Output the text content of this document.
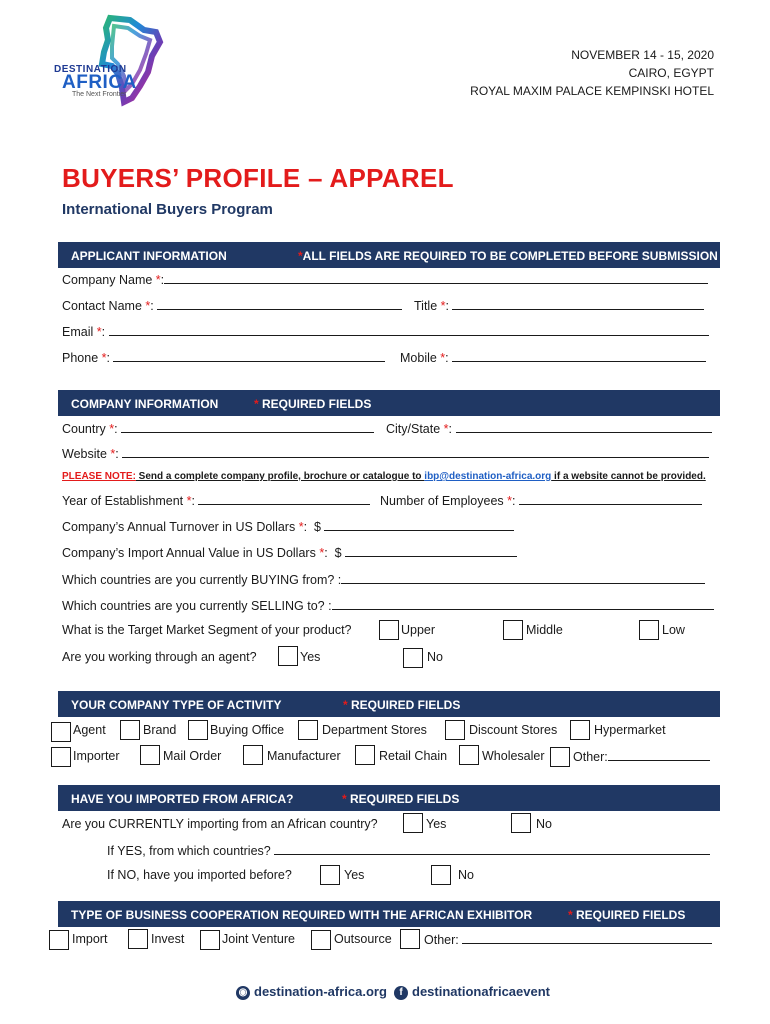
DESTINATION
AFRICA
The Next Frontier
NOVEMBER 14 - 15, 2020
CAIRO, EGYPT
ROYAL MAXIM PALACE KEMPINSKI HOTEL
BUYERS’ PROFILE – APPAREL
International Buyers Program
APPLICANT INFORMATION	*ALL FIELDS ARE REQUIRED TO BE COMPLETED BEFORE SUBMISSION
Company Name *:
Contact Name *:	Title *:
Email *:
Phone *:	Mobile *:
COMPANY INFORMATION	* REQUIRED FIELDS
Country *:	City/State *:
Website *:
PLEASE NOTE: Send a complete company profile, brochure or catalogue to ibp@destination-africa.org if a website cannot be provided.
Year of Establishment *:	Number of Employees *:
Company’s Annual Turnover in US Dollars *:  $
Company’s Import Annual Value in US Dollars *:  $
Which countries are you currently BUYING from? :
Which countries are you currently SELLING to? :
What is the Target Market Segment of your product?	Upper	Middle	Low
Are you working through an agent?	Yes	No
YOUR COMPANY TYPE OF ACTIVITY	* REQUIRED FIELDS
Agent	Brand	Buying Office	Department Stores	Discount Stores	Hypermarket
Importer	Mail Order	Manufacturer	Retail Chain	Wholesaler Other:
HAVE YOU IMPORTED FROM AFRICA?	* REQUIRED FIELDS
Are you CURRENTLY importing from an African country?	Yes	No
If YES, from which countries?
If NO, have you imported before?	Yes	No
TYPE OF BUSINESS COOPERATION REQUIRED WITH THE AFRICAN EXHIBITOR	* REQUIRED FIELDS
Import	Invest	Joint Venture	Outsource	Other:
◉ destination-africa.org	f destinationafricaevent
